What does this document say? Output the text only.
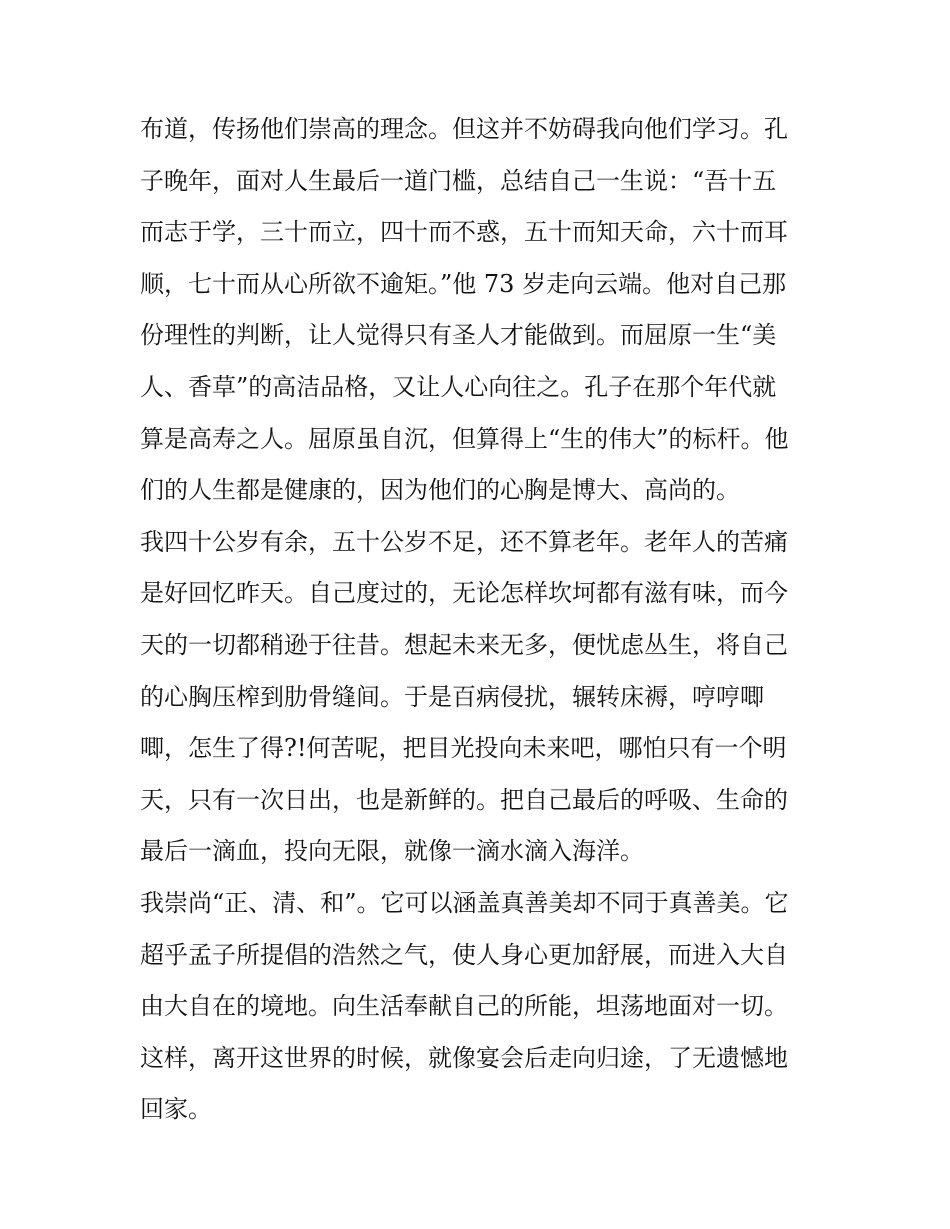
布道，传扬他们崇高的理念。但这并不妨碍我向他们学习。孔
子晚年，面对人生最后一道门槛，总结自己一生说：“吾十五
而志于学，三十而立，四十而不惑，五十而知天命，六十而耳
顺，七十而从心所欲不逾矩。”他 73 岁走向云端。他对自己那
份理性的判断，让人觉得只有圣人才能做到。而屈原一生“美
人、香草”的高洁品格，又让人心向往之。孔子在那个年代就
算是高寿之人。屈原虽自沉，但算得上“生的伟大”的标杆。他
们的人生都是健康的，因为他们的心胸是博大、高尚的。
我四十公岁有余，五十公岁不足，还不算老年。老年人的苦痛
是好回忆昨天。自己度过的，无论怎样坎坷都有滋有味，而今
天的一切都稍逊于往昔。想起未来无多，便忧虑丛生，将自己
的心胸压榨到肋骨缝间。于是百病侵扰，辗转床褥，哼哼唧
唧，怎生了得?!何苦呢，把目光投向未来吧，哪怕只有一个明
天，只有一次日出，也是新鲜的。把自己最后的呼吸、生命的
最后一滴血，投向无限，就像一滴水滴入海洋。
我崇尚“正、清、和”。它可以涵盖真善美却不同于真善美。它
超乎孟子所提倡的浩然之气，使人身心更加舒展，而进入大自
由大自在的境地。向生活奉献自己的所能，坦荡地面对一切。
这样，离开这世界的时候，就像宴会后走向归途，了无遗憾地
回家。
